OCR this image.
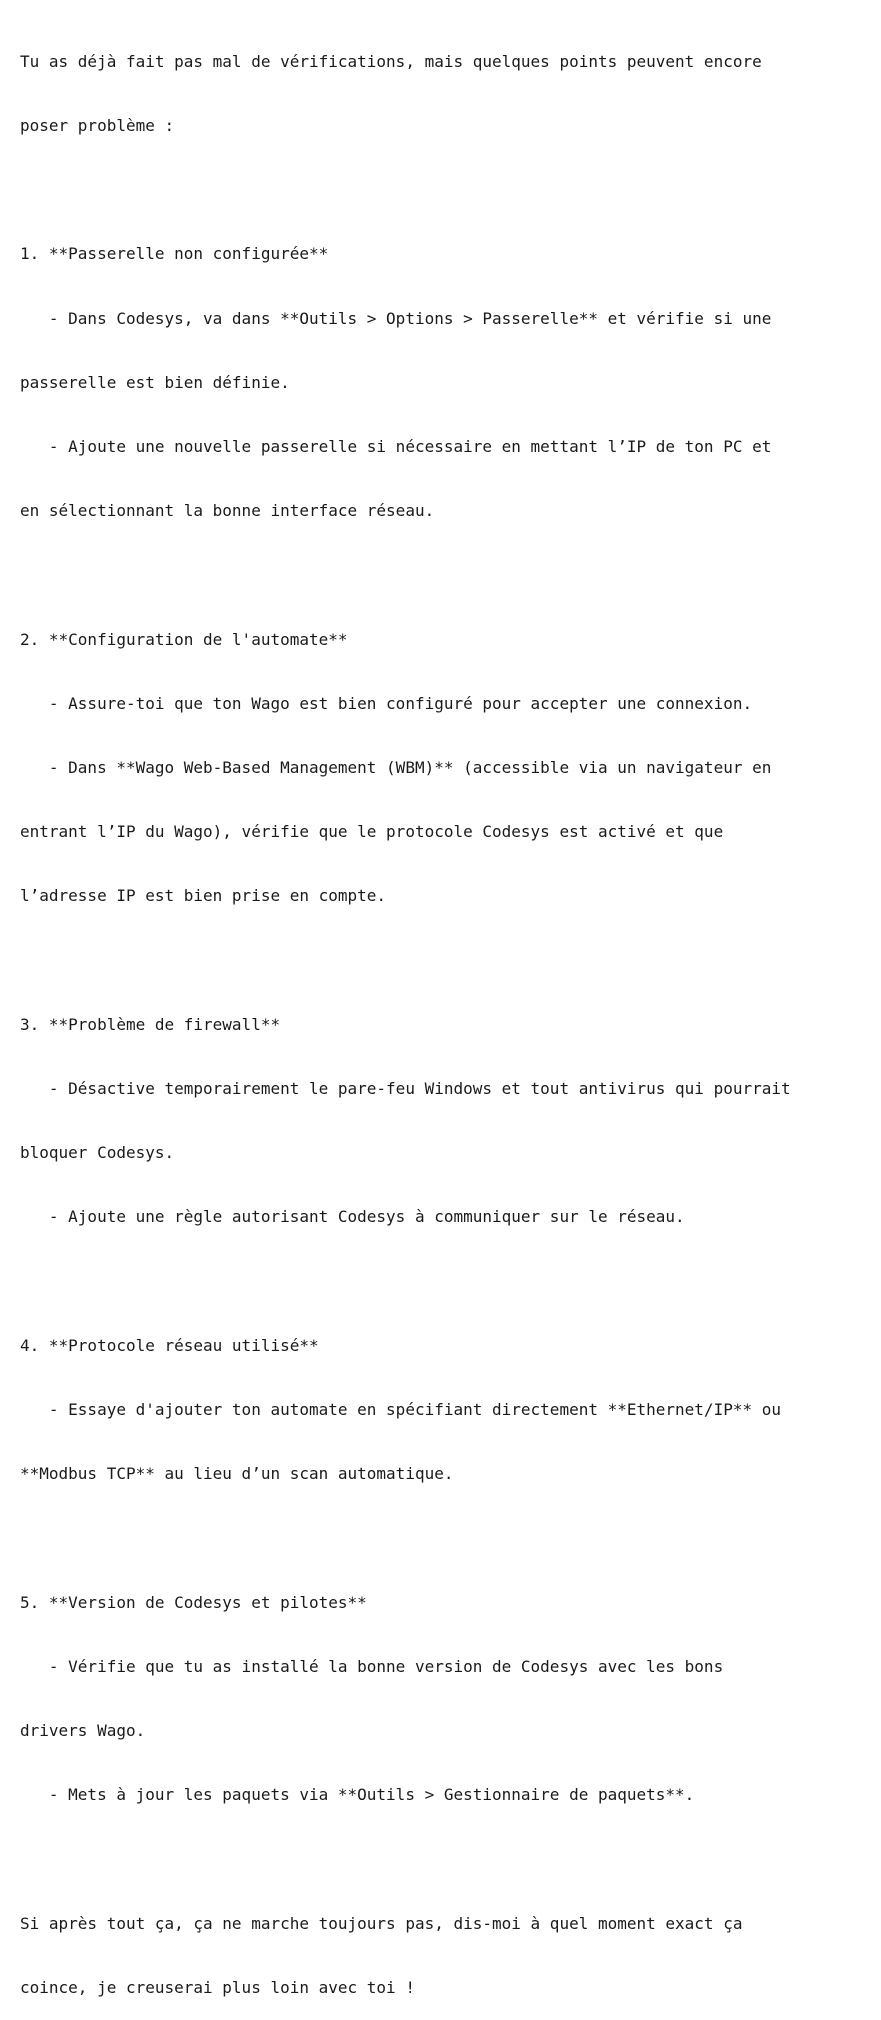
Tu as déjà fait pas mal de vérifications, mais quelques points peuvent encore

poser problème :

1. **Passerelle non configurée**

- Dans Codesys, va dans **Outils > Options > Passerelle** et vérifie si une

passerelle est bien définie.

- Ajoute une nouvelle passerelle si nécessaire en mettant l’IP de ton PC et

en sélectionnant la bonne interface réseau.

2. **Configuration de l'automate**

- Assure-toi que ton Wago est bien configuré pour accepter une connexion.

- Dans **Wago Web-Based Management (WBM)** (accessible via un navigateur en

entrant l’IP du Wago), vérifie que le protocole Codesys est activé et que

l’adresse IP est bien prise en compte.

3. **Problème de firewall**

- Désactive temporairement le pare-feu Windows et tout antivirus qui pourrait

bloquer Codesys.

- Ajoute une règle autorisant Codesys à communiquer sur le réseau.

4. **Protocole réseau utilisé**

- Essaye d'ajouter ton automate en spécifiant directement **Ethernet/IP** ou

**Modbus TCP** au lieu d’un scan automatique.

5. **Version de Codesys et pilotes**

- Vérifie que tu as installé la bonne version de Codesys avec les bons

drivers Wago.

- Mets à jour les paquets via **Outils > Gestionnaire de paquets**.

Si après tout ça, ça ne marche toujours pas, dis-moi à quel moment exact ça

coince, je creuserai plus loin avec toi !
